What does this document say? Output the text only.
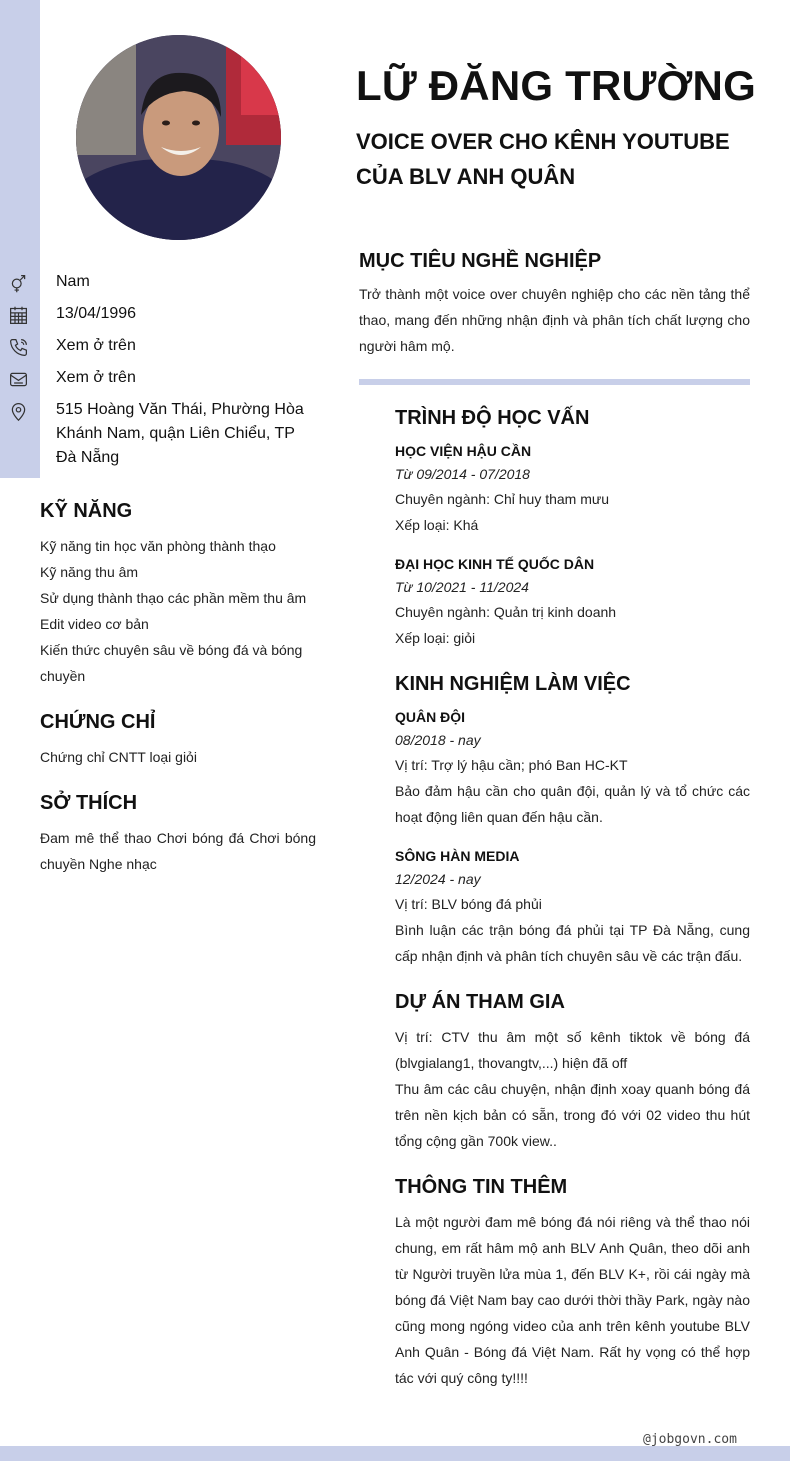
LỮ ĐĂNG TRƯỜNG
VOICE OVER CHO KÊNH YOUTUBE CỦA BLV ANH QUÂN
Nam
13/04/1996
Xem ở trên
Xem ở trên
515 Hoàng Văn Thái, Phường Hòa Khánh Nam, quận Liên Chiểu, TP Đà Nẵng
KỸ NĂNG
Kỹ năng tin học văn phòng thành thạo
Kỹ năng thu âm
Sử dụng thành thạo các phần mềm thu âm
Edit video cơ bản
Kiến thức chuyên sâu về bóng đá và bóng chuyền
CHỨNG CHỈ
Chứng chỉ CNTT loại giỏi
SỞ THÍCH
Đam mê thể thao Chơi bóng đá Chơi bóng chuyền Nghe nhạc
MỤC TIÊU NGHỀ NGHIỆP
Trở thành một voice over chuyên nghiệp cho các nền tảng thể thao, mang đến những nhận định và phân tích chất lượng cho người hâm mộ.
TRÌNH ĐỘ HỌC VẤN
HỌC VIỆN HẬU CẦN
Từ 09/2014 - 07/2018
Chuyên ngành: Chỉ huy tham mưu
Xếp loại: Khá
ĐẠI HỌC KINH TẾ QUỐC DÂN
Từ 10/2021 - 11/2024
Chuyên ngành: Quản trị kinh doanh
Xếp loại: giỏi
KINH NGHIỆM LÀM VIỆC
QUÂN ĐỘI
08/2018 - nay
Vị trí: Trợ lý hậu cần; phó Ban HC-KT
Bảo đảm hậu cần cho quân đội, quản lý và tổ chức các hoạt động liên quan đến hậu cần.
SÔNG HÀN MEDIA
12/2024 - nay
Vị trí: BLV bóng đá phủi
Bình luận các trận bóng đá phủi tại TP Đà Nẵng, cung cấp nhận định và phân tích chuyên sâu về các trận đấu.
DỰ ÁN THAM GIA
Vị trí: CTV thu âm một số kênh tiktok về bóng đá (blvgialang1, thovangtv,...) hiện đã off
Thu âm các câu chuyện, nhận định xoay quanh bóng đá trên nền kịch bản có sẵn, trong đó với 02 video thu hút tổng cộng gần 700k view..
THÔNG TIN THÊM
Là một người đam mê bóng đá nói riêng và thể thao nói chung, em rất hâm mộ anh BLV Anh Quân, theo dõi anh từ Người truyền lửa mùa 1, đến BLV K+, rồi cái ngày mà bóng đá Việt Nam bay cao dưới thời thầy Park, ngày nào cũng mong ngóng video của anh trên kênh youtube BLV Anh Quân - Bóng đá Việt Nam. Rất hy vọng có thể hợp tác với quý công ty!!!!
@jobgovn.com
